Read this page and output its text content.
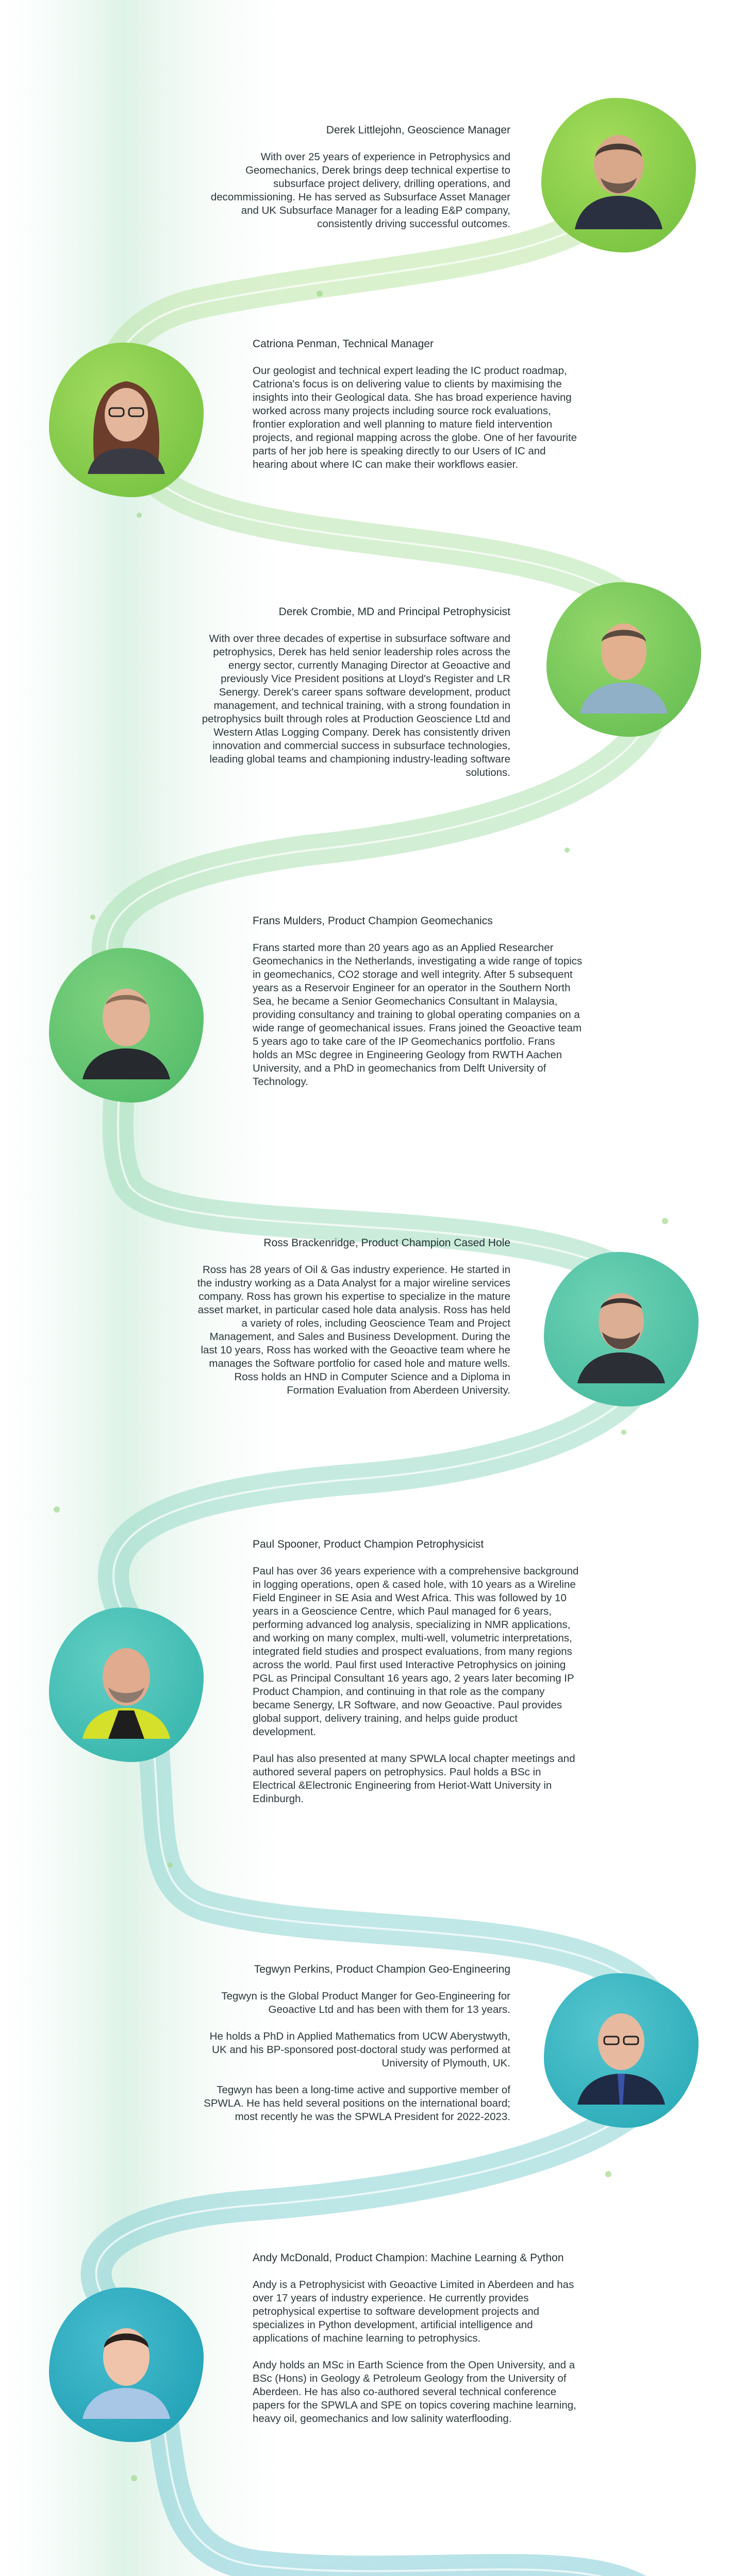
Derek Littlejohn, Geoscience Manager

With over 25 years of experience in Petrophysics and Geomechanics, Derek brings deep technical expertise to subsurface project delivery, drilling operations, and decommissioning. He has served as Subsurface Asset Manager and UK Subsurface Manager for a leading E&P company, consistently driving successful outcomes.

Catriona Penman, Technical Manager

Our geologist and technical expert leading the IC product roadmap, Catriona's focus is on delivering value to clients by maximising the insights into their Geological data. She has broad experience having worked across many projects including source rock evaluations, frontier exploration and well planning to mature field intervention projects, and regional mapping across the globe. One of her favourite parts of her job here is speaking directly to our Users of IC and hearing about where IC can make their workflows easier.

Derek Crombie, MD and Principal Petrophysicist

With over three decades of expertise in subsurface software and petrophysics, Derek has held senior leadership roles across the energy sector, currently Managing Director at Geoactive and previously Vice President positions at Lloyd's Register and LR Senergy. Derek's career spans software development, product management, and technical training, with a strong foundation in petrophysics built through roles at Production Geoscience Ltd and Western Atlas Logging Company. Derek has consistently driven innovation and commercial success in subsurface technologies, leading global teams and championing industry-leading software solutions.

Frans Mulders, Product Champion Geomechanics

Frans started more than 20 years ago as an Applied Researcher Geomechanics in the Netherlands, investigating a wide range of topics in geomechanics, CO2 storage and well integrity. After 5 subsequent years as a Reservoir Engineer for an operator in the Southern North Sea, he became a Senior Geomechanics Consultant in Malaysia, providing consultancy and training to global operating companies on a wide range of geomechanical issues. Frans joined the Geoactive team 5 years ago to take care of the IP Geomechanics portfolio. Frans holds an MSc degree in Engineering Geology from RWTH Aachen University, and a PhD in geomechanics from Delft University of Technology.

Ross Brackenridge, Product Champion Cased Hole

Ross has 28 years of Oil & Gas industry experience. He started in the industry working as a Data Analyst for a major wireline services company. Ross has grown his expertise to specialize in the mature asset market, in particular cased hole data analysis. Ross has held a variety of roles, including Geoscience Team and Project Management, and Sales and Business Development. During the last 10 years, Ross has worked with the Geoactive team where he manages the Software portfolio for cased hole and mature wells. Ross holds an HND in Computer Science and a Diploma in Formation Evaluation from Aberdeen University.

Paul Spooner, Product Champion Petrophysicist

Paul has over 36 years experience with a comprehensive background in logging operations, open & cased hole, with 10 years as a Wireline Field Engineer in SE Asia and West Africa. This was followed by 10 years in a Geoscience Centre, which Paul managed for 6 years, performing advanced log analysis, specializing in NMR applications, and working on many complex, multi-well, volumetric interpretations, integrated field studies and prospect evaluations, from many regions across the world. Paul first used Interactive Petrophysics on joining PGL as Principal Consultant 16 years ago, 2 years later becoming IP Product Champion, and continuing in that role as the company became Senergy, LR Software, and now Geoactive. Paul provides global support, delivery training, and helps guide product development.

Paul has also presented at many SPWLA local chapter meetings and authored several papers on petrophysics. Paul holds a BSc in Electrical &Electronic Engineering from Heriot-Watt University in Edinburgh.

Tegwyn Perkins, Product Champion Geo-Engineering

Tegwyn is the Global Product Manger for Geo-Engineering for Geoactive Ltd and has been with them for 13 years.

He holds a PhD in Applied Mathematics from UCW Aberystwyth, UK and his BP-sponsored post-doctoral study was performed at University of Plymouth, UK.

Tegwyn has been a long-time active and supportive member of SPWLA. He has held several positions on the international board; most recently he was the SPWLA President for 2022-2023.

Andy McDonald, Product Champion: Machine Learning & Python

Andy is a Petrophysicist with Geoactive Limited in Aberdeen and has over 17 years of industry experience. He currently provides petrophysical expertise to software development projects and specializes in Python development, artificial intelligence and applications of machine learning to petrophysics.

Andy holds an MSc in Earth Science from the Open University, and a BSc (Hons) in Geology & Petroleum Geology from the University of Aberdeen. He has also co-authored several technical conference papers for the SPWLA and SPE on topics covering machine learning, heavy oil, geomechanics and low salinity waterflooding.
